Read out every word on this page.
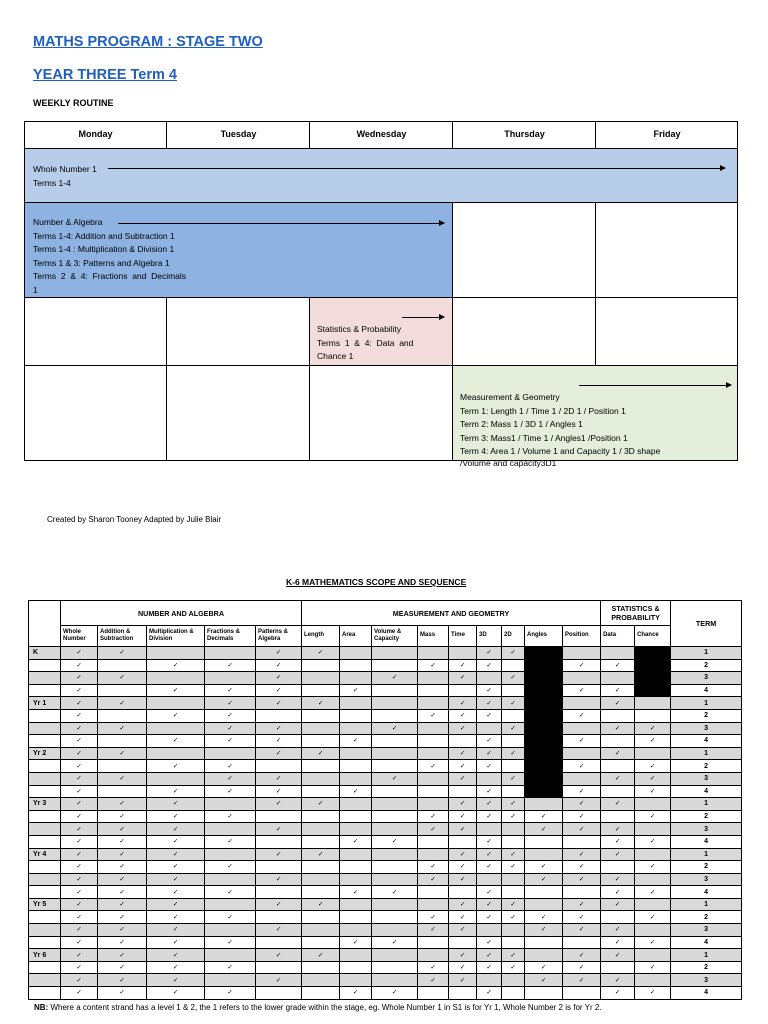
MATHS PROGRAM : STAGE TWO
YEAR THREE Term 4
WEEKLY ROUTINE
Monday	Tuesday	Wednesday	Thursday	Friday
Whole Number 1
Terms 1-4
Number & Algebra
Terms 1-4: Addition and Subtraction 1
Terms 1-4 : Multiplication & Division 1
Terms 1 & 3: Patterns and Algebra 1
Terms  2  &  4:  Fractions  and  Decimals
1
Statistics & Probability
Terms  1  &  4:  Data  and
Chance 1
Measurement & Geometry
Term 1: Length 1 / Time 1 / 2D 1 / Position 1
Term 2: Mass 1 / 3D 1 / Angles 1
Term 3: Mass1 / Time 1 / Angles1 /Position 1
Term 4: Area 1 / Volume 1 and Capacity 1 / 3D shape
/Volume and capacity3D1
Created by Sharon Tooney Adapted by Julie Blair
K-6 MATHEMATICS SCOPE AND SEQUENCE
	NUMBER AND ALGEBRA					MEASUREMENT AND GEOMETRY									STATISTICS & PROBABILITY		TERM
	Whole Number	Addition & Subtraction	Multiplication & Division	Fractions & Decimals	Patterns & Algebra	Length	Area	Volume & Capacity	Mass	Time	3D	2D	Angles	Position	Data	Chance	
K	✓	✓			✓	✓					✓	✓					1
	✓		✓	✓	✓				✓	✓	✓			✓	✓		2
	✓	✓			✓			✓		✓		✓					3
	✓		✓	✓	✓		✓				✓			✓	✓		4
Yr 1	✓	✓		✓	✓	✓				✓	✓	✓			✓		1
	✓		✓	✓					✓	✓	✓			✓			2
	✓	✓		✓	✓			✓		✓		✓			✓	✓	3
	✓		✓	✓	✓		✓				✓			✓		✓	4
Yr 2	✓	✓			✓	✓				✓	✓	✓			✓		1
	✓		✓	✓					✓	✓	✓			✓		✓	2
	✓	✓		✓	✓			✓		✓		✓			✓	✓	3
	✓		✓	✓	✓		✓				✓			✓		✓	4
Yr 3	✓	✓	✓		✓	✓				✓	✓	✓		✓	✓		1
	✓	✓	✓	✓					✓	✓	✓	✓	✓	✓		✓	2
	✓	✓	✓		✓				✓	✓			✓	✓	✓		3
	✓	✓	✓	✓			✓	✓			✓				✓	✓	4
Yr 4	✓	✓	✓		✓	✓				✓	✓	✓		✓	✓		1
	✓	✓	✓	✓					✓	✓	✓	✓	✓	✓		✓	2
	✓	✓	✓		✓				✓	✓			✓	✓	✓		3
	✓	✓	✓	✓			✓	✓			✓				✓	✓	4
Yr 5	✓	✓	✓		✓	✓				✓	✓	✓		✓	✓		1
	✓	✓	✓	✓					✓	✓	✓	✓	✓	✓		✓	2
	✓	✓	✓		✓				✓	✓			✓	✓	✓		3
	✓	✓	✓	✓			✓	✓			✓				✓	✓	4
Yr 6	✓	✓	✓		✓	✓				✓	✓	✓		✓	✓		1
	✓	✓	✓	✓					✓	✓	✓	✓	✓	✓		✓	2
	✓	✓	✓		✓				✓	✓			✓	✓	✓		3
	✓	✓	✓	✓			✓	✓			✓				✓	✓	4
NB: Where a content strand has a level 1 & 2, the 1 refers to the lower grade within the stage, eg. Whole Number 1 in S1 is for Yr 1, Whole Number 2 is for Yr 2.
